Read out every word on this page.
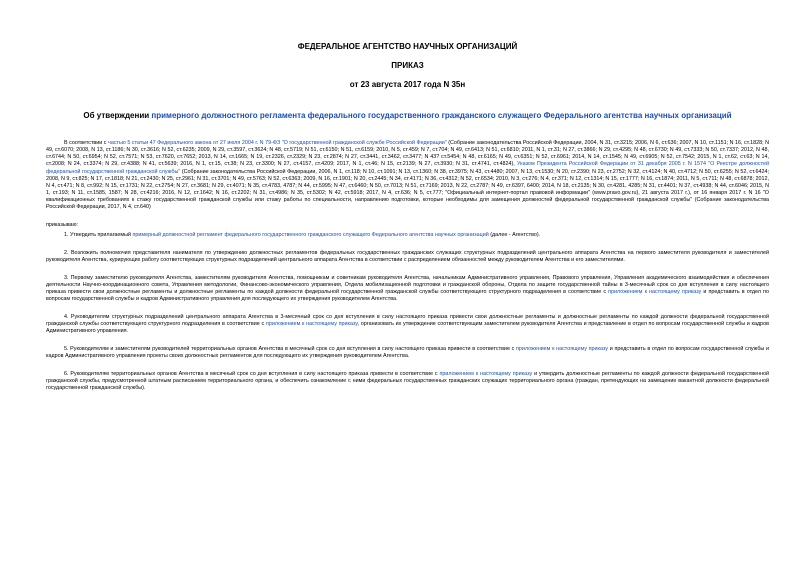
ФЕДЕРАЛЬНОЕ АГЕНТСТВО НАУЧНЫХ ОРГАНИЗАЦИЙ
ПРИКАЗ
от 23 августа 2017 года N 35н
Об утверждении примерного должностного регламента федерального государственного гражданского служащего Федерального агентства научных организаций

В соответствии с частью 5 статьи 47 Федерального закона от 27 июля 2004 г. N 79-ФЗ "О государственной гражданской службе Российской Федерации" (Собрание законодательства Российской Федерации, 2004, N 31, ст.3215; 2006, N 6, ст.636; 2007, N 10, ст.1151; N 16, ст.1828; N 49, ст.6070; 2008, N 13, ст.1186; N 30, ст.3616; N 52, ст.6235; 2009, N 29, ст.3597, ст.3624; N 48, ст.5719; N 51, ст.6150; N 51, ст.6159; 2010, N 5, ст.459; N 7, ст.704; N 49, ст.6413; N 51, ст.6810; 2011, N 1, ст.31; N 27, ст.3866; N 29, ст.4295; N 48, ст.6730; N 49, ст.7333; N 50, ст.7337; 2012, N 48, ст.6744; N 50, ст.6954; N 52, ст.7571; N 53, ст.7620, ст.7652; 2013, N 14, ст.1665; N 19, ст.2326, ст.2329; N 23, ст.2874; N 27, ст.3441, ст.3462, ст.3477; N 43? ст.5454; N 48, ст.6165; N 49, ст.6351; N 52, ст.6961; 2014, N 14, ст.1545; N 49, ст.6905; N 52, ст.7542; 2015, N 1, ст.62, ст.63; N 14, ст.2008; N 24, ст.3374; N 29, ст.4388; N 41, ст.5639; 2016, N 1, ст.15, ст.38; N 23, ст.3300; N 27, ст.4157, ст.4209; 2017, N 1, ст.46; N 15, ст.2139; N 27, ст.3930; N 31, ст.4741, ст.4824), Указом Президента Российской Федерации от 31 декабря 2005 г. N 1574 "О Реестре должностей федеральной государственной гражданской службы" (Собрание законодательства Российской Федерации, 2006, N 1, ст.118; N 10, ст.1091; N 13, ст.1360; N 38, ст.3975; N 43, ст.4480; 2007, N 13, ст.1530; N 20, ст.2390; N 23, ст.2752; N 32, ст.4124; N 40, ст.4712; N 50, ст.6255; N 52, ст.6424; 2008, N 9, ст.825; N 17, ст.1818; N 21, ст.2430; N 25, ст.2961; N 31, ст.3701; N 49, ст.5763; N 52, ст.6363; 2009, N 16, ст.1901; N 20, ст.2445; N 34, ст.4171; N 36, ст.4312; N 52, ст.6534; 2010, N 3, ст.276; N 4, ст.371; N 12, ст.1314; N 15, ст.1777; N 16, ст.1874; 2011, N 5, ст.711; N 48, ст.6878; 2012, N 4, ст.471; N 8, ст.992; N 15, ст.1731; N 22, ст.2754; N 27, ст.3681; N 29, ст.4071; N 35, ст.4783, 4787; N 44, ст.5995; N 47, ст.6460; N 50, ст.7013; N 51, ст.7169; 2013, N 22, ст.2787; N 49, ст.6397, 6400; 2014, N 18, ст.2135; N 30, ст.4281, 4285; N 31, ст.4401; N 37, ст.4938; N 44, ст.6046; 2015, N 1, ст.193; N 11, ст.1585, 1587; N 28, ст.4216; 2016, N 12, ст.1642; N 16, ст.2202; N 31, ст.4986; N 35, ст.5302; N 42, ст.5918; 2017, N 4, ст.636; N 5, ст.777; "Официальный интернет-портал правовой информации" (www.pravo.gov.ru), 21 августа 2017 г.), от 16 января 2017 г. N 16 "О квалификационных требованиях к стажу государственной гражданской службы или стажу работы по специальности, направлению подготовки, которые необходимы для замещения должностей федеральной государственной гражданской службы" (Собрание законодательства Российской Федерации, 2017, N 4, ст.640)

приказываю:

1. Утвердить прилагаемый примерный должностной регламент федерального государственного гражданского служащего Федерального агентства научных организаций (далее - Агентство).

2. Возложить полномочия представителя нанимателя по утверждению должностных регламентов федеральных государственных гражданских служащих структурных подразделений центрального аппарата Агентства на первого заместителя руководителя и заместителей руководителя Агентства, курирующих работу соответствующих структурных подразделений центрального аппарата Агентства в соответствии с распределением обязанностей между руководителем Агентства и его заместителями.

3. Первому заместителю руководителя Агентства, заместителям руководителя Агентства, помощникам и советникам руководителя Агентства, начальникам Административного управления, Правового управления, Управления академического взаимодействия и обеспечения деятельности Научно-координационного совета, Управления методологии, Финансово-экономического управления, Отдела мобилизационной подготовки и гражданской обороны, Отдела по защите государственной тайны в 3-месячный срок со дня вступления в силу настоящего приказа привести свои должностные регламенты и должностные регламенты по каждой должности федеральной государственной гражданской службы соответствующего структурного подразделения в соответствие с приложением к настоящему приказу и представить в отдел по вопросам государственной службы и кадров Административного управления для последующего их утверждения руководителем Агентства.

4. Руководителям структурных подразделений центрального аппарата Агентства в 3-месячный срок со дня вступления в силу настоящего приказа привести свои должностные регламенты и должностные регламенты по каждой должности федеральной государственной гражданской службы соответствующего структурного подразделения в соответствие с приложением к настоящему приказу, организовать их утверждение соответствующим заместителем руководителя Агентства и представление в отдел по вопросам государственной службы и кадров Административного управления.

5. Руководителям и заместителям руководителей территориальных органов Агентства в месячный срок со дня вступления в силу настоящего приказа привести в соответствие с приложением к настоящему приказу и представить в отдел по вопросам государственной службы и кадров Административного управления проекты своих должностных регламентов для последующего их утверждения руководителем Агентства.

6. Руководителям территориальных органов Агентства в месячный срок со дня вступления в силу настоящего приказа привести в соответствие с приложением к настоящему приказу и утвердить должностные регламенты по каждой должности федеральной государственной гражданской службы, предусмотренной штатным расписанием территориального органа, и обеспечить ознакомление с ними федеральных государственных гражданских служащих территориального органа (граждан, претендующих на замещение вакантной должности федеральной государственной гражданской службы).
